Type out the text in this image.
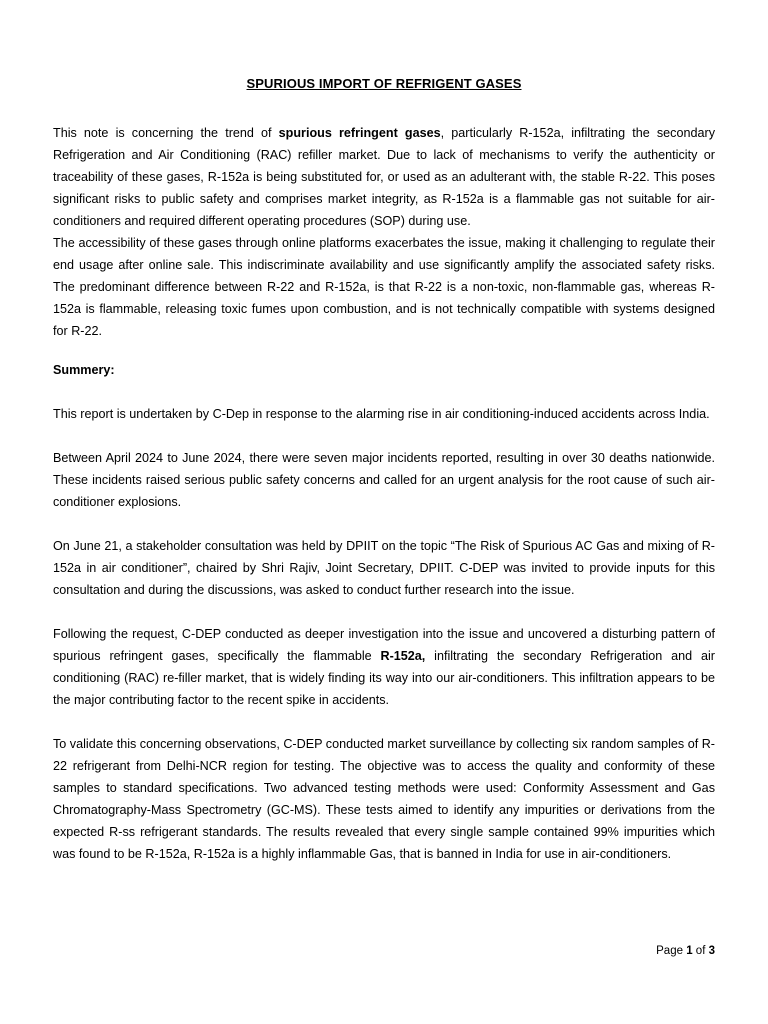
SPURIOUS IMPORT OF REFRIGENT GASES

This note is concerning the trend of spurious refringent gases, particularly R-152a, infiltrating the secondary Refrigeration and Air Conditioning (RAC) refiller market. Due to lack of mechanisms to verify the authenticity or traceability of these gases, R-152a is being substituted for, or used as an adulterant with, the stable R-22. This poses significant risks to public safety and comprises market integrity, as R-152a is a flammable gas not suitable for air-conditioners and required different operating procedures (SOP) during use.

The accessibility of these gases through online platforms exacerbates the issue, making it challenging to regulate their end usage after online sale. This indiscriminate availability and use significantly amplify the associated safety risks. The predominant difference between R-22 and R-152a, is that R-22 is a non-toxic, non-flammable gas, whereas R-152a is flammable, releasing toxic fumes upon combustion, and is not technically compatible with systems designed for R-22.

Summery:

This report is undertaken by C-Dep in response to the alarming rise in air conditioning-induced accidents across India.

Between April 2024 to June 2024, there were seven major incidents reported, resulting in over 30 deaths nationwide. These incidents raised serious public safety concerns and called for an urgent analysis for the root cause of such air-conditioner explosions.

On June 21, a stakeholder consultation was held by DPIIT on the topic “The Risk of Spurious AC Gas and mixing of R-152a in air conditioner”, chaired by Shri Rajiv, Joint Secretary, DPIIT. C-DEP was invited to provide inputs for this consultation and during the discussions, was asked to conduct further research into the issue.

Following the request, C-DEP conducted as deeper investigation into the issue and uncovered a disturbing pattern of spurious refringent gases, specifically the flammable R-152a, infiltrating the secondary Refrigeration and air conditioning (RAC) re-filler market, that is widely finding its way into our air-conditioners. This infiltration appears to be the major contributing factor to the recent spike in accidents.

To validate this concerning observations, C-DEP conducted market surveillance by collecting six random samples of R-22 refrigerant from Delhi-NCR region for testing. The objective was to access the quality and conformity of these samples to standard specifications. Two advanced testing methods were used: Conformity Assessment and Gas Chromatography-Mass Spectrometry (GC-MS). These tests aimed to identify any impurities or derivations from the expected R-ss refrigerant standards. The results revealed that every single sample contained 99% impurities which was found to be R-152a, R-152a is a highly inflammable Gas, that is banned in India for use in air-conditioners.

Page 1 of 3
